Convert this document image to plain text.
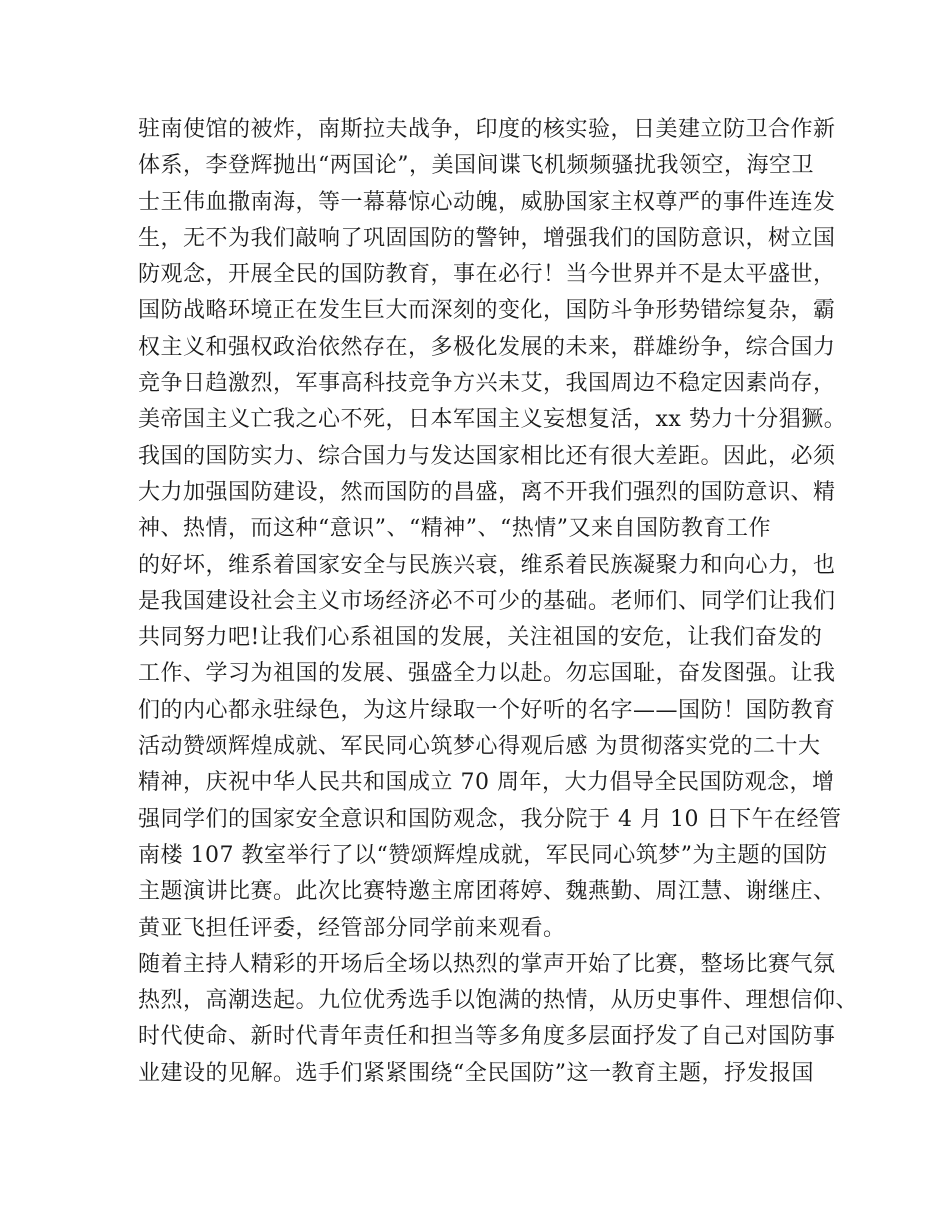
驻南使馆的被炸，南斯拉夫战争，印度的核实验，日美建立防卫合作新
体系，李登辉抛出“两国论”，美国间谍飞机频频骚扰我领空，海空卫
士王伟血撒南海，等一幕幕惊心动魄，威胁国家主权尊严的事件连连发
生，无不为我们敲响了巩固国防的警钟，增强我们的国防意识，树立国
防观念，开展全民的国防教育，事在必行！当今世界并不是太平盛世，
国防战略环境正在发生巨大而深刻的变化，国防斗争形势错综复杂，霸
权主义和强权政治依然存在，多极化发展的未来，群雄纷争，综合国力
竞争日趋激烈，军事高科技竞争方兴未艾，我国周边不稳定因素尚存，
美帝国主义亡我之心不死，日本军国主义妄想复活，xx 势力十分猖獗。
我国的国防实力、综合国力与发达国家相比还有很大差距。因此，必须
大力加强国防建设，然而国防的昌盛，离不开我们强烈的国防意识、精
神、热情，而这种“意识”、“精神”、“热情”又来自国防教育工作
的好坏，维系着国家安全与民族兴衰，维系着民族凝聚力和向心力，也
是我国建设社会主义市场经济必不可少的基础。老师们、同学们让我们
共同努力吧!让我们心系祖国的发展，关注祖国的安危，让我们奋发的
工作、学习为祖国的发展、强盛全力以赴。勿忘国耻，奋发图强。让我
们的内心都永驻绿色，为这片绿取一个好听的名字——国防！国防教育
活动赞颂辉煌成就、军民同心筑梦心得观后感 为贯彻落实党的二十大
精神，庆祝中华人民共和国成立 70 周年，大力倡导全民国防观念，增
强同学们的国家安全意识和国防观念，我分院于 4 月 10 日下午在经管
南楼 107 教室举行了以“赞颂辉煌成就，军民同心筑梦”为主题的国防
主题演讲比赛。此次比赛特邀主席团蒋婷、魏燕勤、周江慧、谢继庄、
黄亚飞担任评委，经管部分同学前来观看。
随着主持人精彩的开场后全场以热烈的掌声开始了比赛，整场比赛气氛
热烈，高潮迭起。九位优秀选手以饱满的热情，从历史事件、理想信仰、
时代使命、新时代青年责任和担当等多角度多层面抒发了自己对国防事
业建设的见解。选手们紧紧围绕“全民国防”这一教育主题，抒发报国
